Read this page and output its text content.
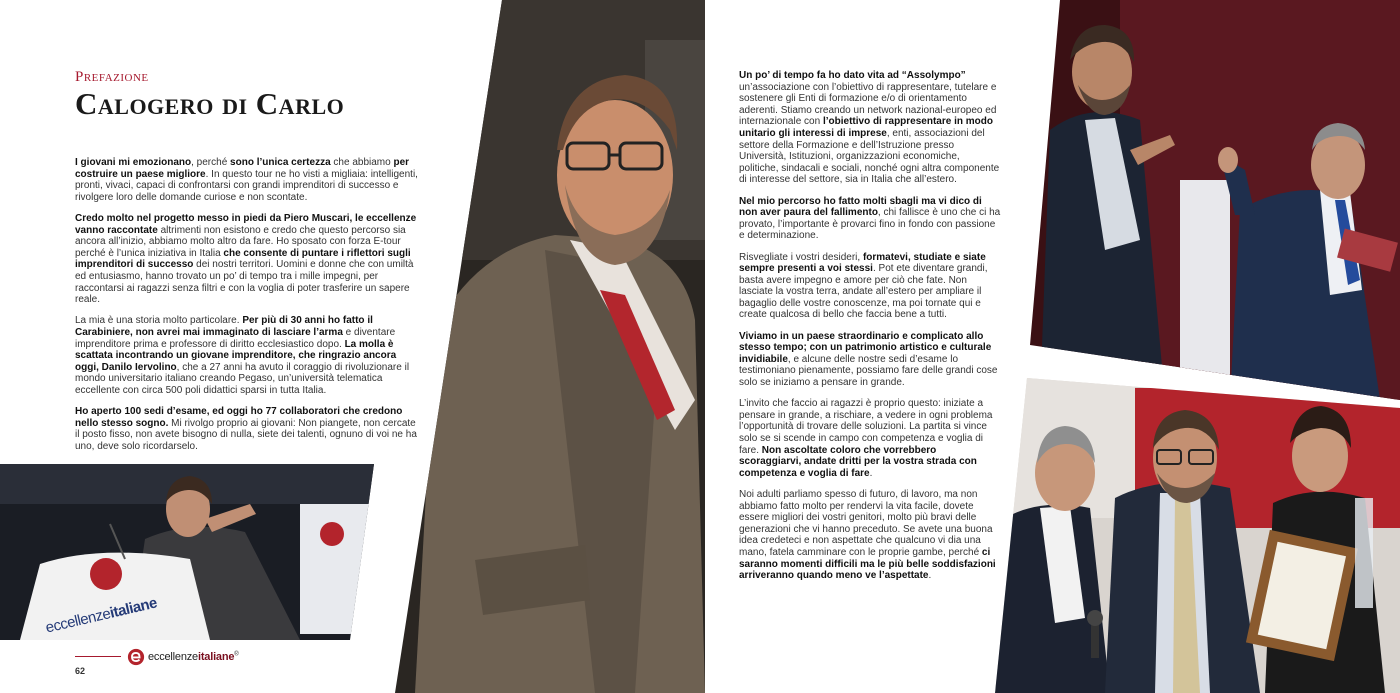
eccellenzeitaliane
Prefazione
Calogero di Carlo

I giovani mi emozionano, perché sono l’unica certezza che abbiamo per costruire un paese migliore. In questo tour ne ho visti a migliaia: intelligenti, pronti, vivaci, capaci di confrontarsi con grandi imprenditori di successo e rivolgere loro delle domande curiose e non scontate.

Credo molto nel progetto messo in piedi da Piero Muscari, le eccellenze vanno raccontate altrimenti non esistono e credo che questo percorso sia ancora all’inizio, abbiamo molto altro da fare. Ho sposato con forza E-tour perché è l’unica iniziativa in Italia che consente di puntare i riflettori sugli imprenditori di successo dei nostri territori. Uomini e donne che con umiltà ed entusiasmo, hanno trovato un po’ di tempo tra i mille impegni, per raccontarsi ai ragazzi senza filtri e con la voglia di poter trasferire un sapere reale.

La mia è una storia molto particolare. Per più di 30 anni ho fatto il Carabiniere, non avrei mai immaginato di lasciare l’arma e diventare imprenditore prima e professore di diritto ecclesiastico dopo. La molla è scattata incontrando un giovane imprenditore, che ringrazio ancora oggi, Danilo Iervolino, che a 27 anni ha avuto il coraggio di rivoluzionare il mondo universitario italiano creando Pegaso, un’università telematica eccellente con circa 500 poli didattici sparsi in tutta Italia.

Ho aperto 100 sedi d’esame, ed oggi ho 77 collaboratori che credono nello stesso sogno. Mi rivolgo proprio ai giovani: Non piangete, non cercate il posto fisso, non avete bisogno di nulla, siete dei talenti, ognuno di voi ne ha uno, deve solo ricordarselo.

Un po’ di tempo fa ho dato vita ad “Assolympo” un’associazione con l’obiettivo di rappresentare, tutelare e sostenere gli Enti di formazione e/o di orientamento aderenti. Stiamo creando un network nazional-europeo ed internazionale con l’obiettivo di rappresentare in modo unitario gli interessi di imprese, enti, associazioni del settore della Formazione e dell’Istruzione presso Università, Istituzioni, organizzazioni economiche, politiche, sindacali e sociali, nonché ogni altra componente di interesse del settore, sia in Italia che all’estero.

Nel mio percorso ho fatto molti sbagli ma vi dico di non aver paura del fallimento, chi fallisce è uno che ci ha provato, l’importante è provarci fino in fondo con passione e determinazione.

Risvegliate i vostri desideri, formatevi, studiate e siate sempre presenti a voi stessi. Pot ete diventare grandi, basta avere impegno e amore per ciò che fate. Non lasciate la vostra terra, andate all’estero per ampliare il bagaglio delle vostre conoscenze, ma poi tornate qui e create qualcosa di bello che faccia bene a tutti.

Viviamo in un paese straordinario e complicato allo stesso tempo; con un patrimonio artistico e culturale invidiabile, e alcune delle nostre sedi d’esame lo testimoniano pienamente, possiamo fare delle grandi cose solo se iniziamo a pensare in grande.

L’invito che faccio ai ragazzi è proprio questo: iniziate a pensare in grande, a rischiare, a vedere in ogni problema l’opportunità di trovare delle soluzioni. La partita si vince solo se si scende in campo con competenza e voglia di fare. Non ascoltate coloro che vorrebbero scoraggiarvi, andate dritti per la vostra strada con competenza e voglia di fare.

Noi adulti parliamo spesso di futuro, di lavoro, ma non abbiamo fatto molto per rendervi la vita facile, dovete essere migliori dei vostri genitori, molto più bravi delle generazioni che vi hanno preceduto. Se avete una buona idea credeteci e non aspettate che qualcuno vi dia una mano, fatela camminare con le proprie gambe, perché ci saranno momenti difficili ma le più belle soddisfazioni arriveranno quando meno ve l’aspettate.

62
eccellenzeitaliane®
